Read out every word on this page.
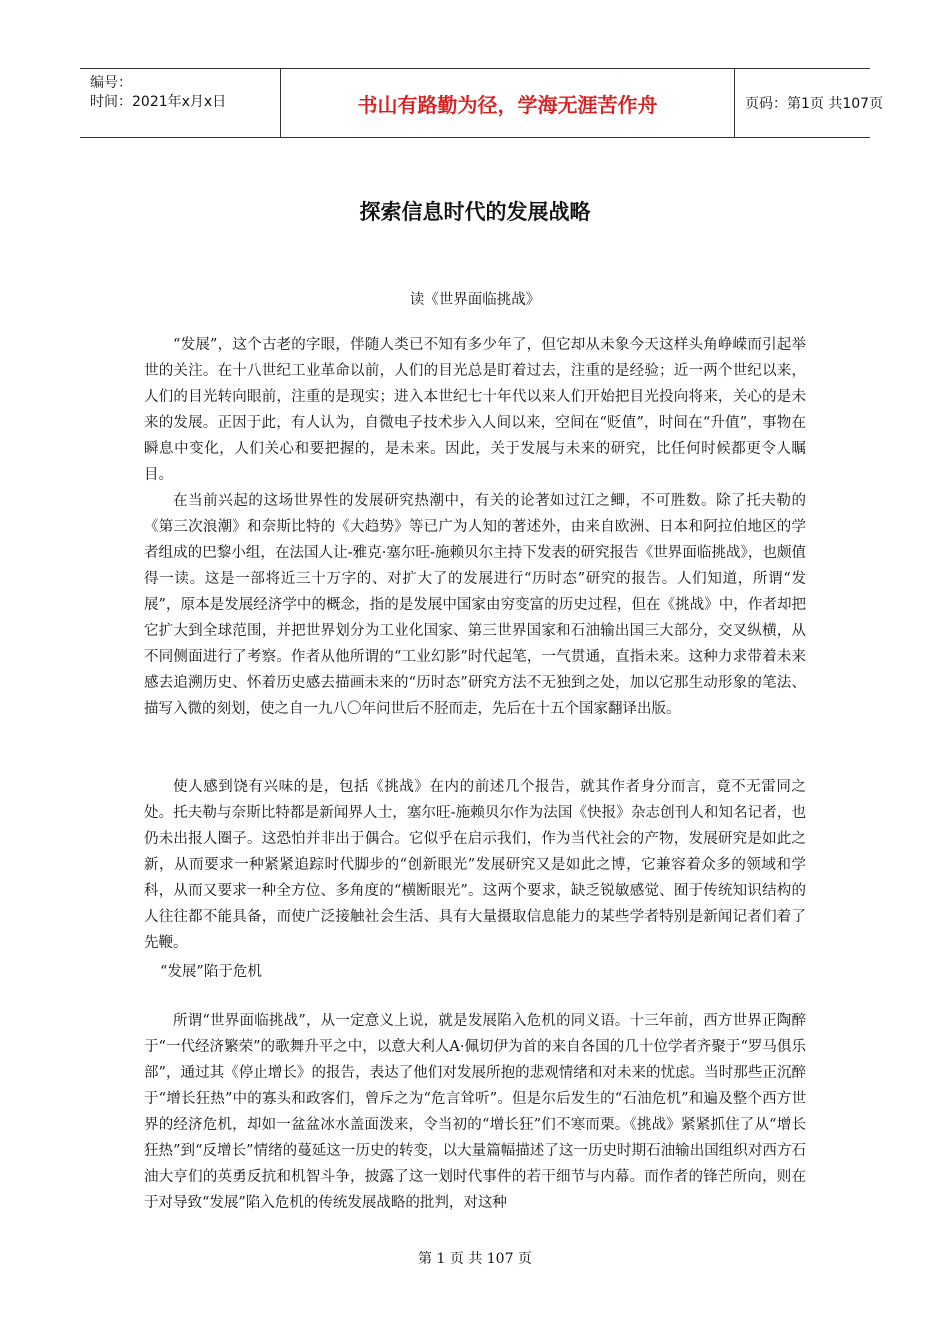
编号：
时间：2021年x月x日	书山有路勤为径，学海无涯苦作舟	页码：第1页 共107页
探索信息时代的发展战略
读《世界面临挑战》

“发展”，这个古老的字眼，伴随人类已不知有多少年了，但它却从未象今天这样头角峥嵘而引起举世的关注。在十八世纪工业革命以前，人们的目光总是盯着过去，注重的是经验；近一两个世纪以来，人们的目光转向眼前，注重的是现实；进入本世纪七十年代以来人们开始把目光投向将来，关心的是未来的发展。正因于此，有人认为，自微电子技术步入人间以来，空间在“贬值”，时间在“升值”，事物在瞬息中变化，人们关心和要把握的，是未来。因此，关于发展与未来的研究，比任何时候都更令人瞩目。

在当前兴起的这场世界性的发展研究热潮中，有关的论著如过江之鲫，不可胜数。除了托夫勒的《第三次浪潮》和奈斯比特的《大趋势》等已广为人知的著述外，由来自欧洲、日本和阿拉伯地区的学者组成的巴黎小组，在法国人让-雅克·塞尔旺-施赖贝尔主持下发表的研究报告《世界面临挑战》，也颇值得一读。这是一部将近三十万字的、对扩大了的发展进行“历时态”研究的报告。人们知道，所谓“发展”，原本是发展经济学中的概念，指的是发展中国家由穷变富的历史过程，但在《挑战》中，作者却把它扩大到全球范围，并把世界划分为工业化国家、第三世界国家和石油输出国三大部分，交叉纵横，从不同侧面进行了考察。作者从他所谓的“工业幻影”时代起笔，一气贯通，直指未来。这种力求带着未来感去追溯历史、怀着历史感去描画未来的“历时态”研究方法不无独到之处，加以它那生动形象的笔法、描写入微的刻划，使之自一九八〇年问世后不胫而走，先后在十五个国家翻译出版。

使人感到饶有兴味的是，包括《挑战》在内的前述几个报告，就其作者身分而言，竟不无雷同之处。托夫勒与奈斯比特都是新闻界人士，塞尔旺-施赖贝尔作为法国《快报》杂志创刊人和知名记者，也仍未出报人圈子。这恐怕并非出于偶合。它似乎在启示我们，作为当代社会的产物，发展研究是如此之新，从而要求一种紧紧追踪时代脚步的“创新眼光”发展研究又是如此之博，它兼容着众多的领域和学科，从而又要求一种全方位、多角度的“横断眼光”。这两个要求，缺乏锐敏感觉、囿于传统知识结构的人往往都不能具备，而使广泛接触社会生活、具有大量摄取信息能力的某些学者特别是新闻记者们着了先鞭。

“发展”陷于危机

所谓“世界面临挑战”，从一定意义上说，就是发展陷入危机的同义语。十三年前，西方世界正陶醉于“一代经济繁荣”的歌舞升平之中，以意大利人A·佩切伊为首的来自各国的几十位学者齐聚于“罗马俱乐部”，通过其《停止增长》的报告，表达了他们对发展所抱的悲观情绪和对未来的忧虑。当时那些正沉醉于“增长狂热”中的寡头和政客们，曾斥之为“危言耸听”。但是尔后发生的“石油危机”和遍及整个西方世界的经济危机，却如一盆盆冰水盖面泼来，令当初的“增长狂”们不寒而栗。《挑战》紧紧抓住了从“增长狂热”到“反增长”情绪的蔓延这一历史的转变，以大量篇幅描述了这一历史时期石油输出国组织对西方石油大亨们的英勇反抗和机智斗争，披露了这一划时代事件的若干细节与内幕。而作者的锋芒所向，则在于对导致“发展”陷入危机的传统发展战略的批判，对这种

第 1 页 共 107 页
